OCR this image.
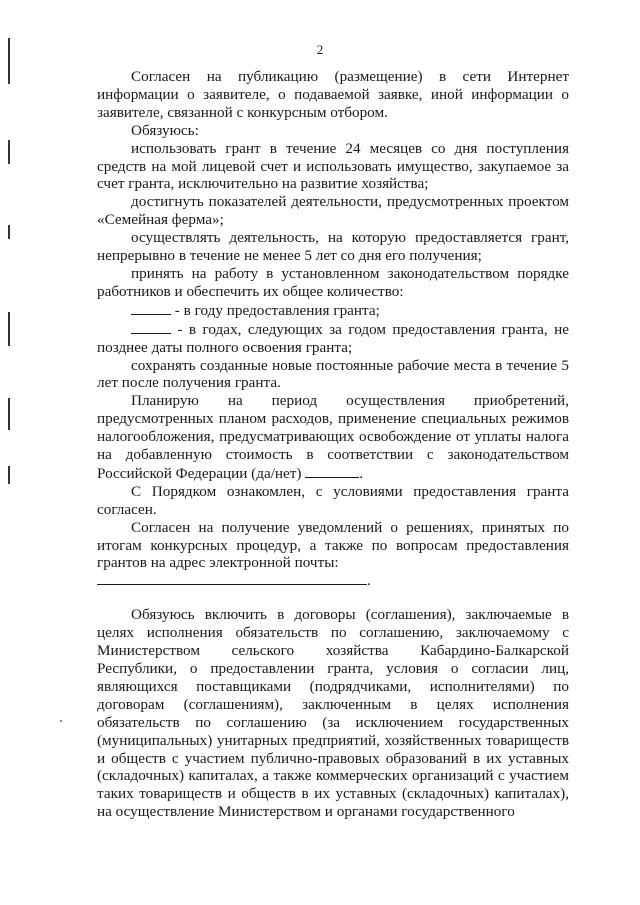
2

Согласен на публикацию (размещение) в сети Интернет информации о заявителе, о подаваемой заявке, иной информации о заявителе, связанной с конкурсным отбором.

Обязуюсь:

использовать грант в течение 24 месяцев со дня поступления средств на мой лицевой счет и использовать имущество, закупаемое за счет гранта, исключительно на развитие хозяйства;

достигнуть показателей деятельности, предусмотренных проектом «Семейная ферма»;

осуществлять деятельность, на которую предоставляется грант, непрерывно в течение не менее 5 лет со дня его получения;

принять на работу в установленном законодательством порядке работников и обеспечить их общее количество:

- в году предоставления гранта;

- в годах, следующих за годом предоставления гранта, не позднее даты полного освоения гранта;

сохранять созданные новые постоянные рабочие места в течение 5 лет после получения гранта.

Планирую на период осуществления приобретений, предусмотренных планом расходов, применение специальных режимов налогообложения, предусматривающих освобождение от уплаты налога на добавленную стоимость в соответствии с законодательством Российской Федерации (да/нет)	.

С Порядком ознакомлен, с условиями предоставления гранта согласен.

Согласен на получение уведомлений о решениях, принятых по итогам конкурсных процедур, а также по вопросам предоставления грантов на адрес электронной почты:

.

Обязуюсь включить в договоры (соглашения), заключаемые в целях исполнения обязательств по соглашению, заключаемому с Министерством сельского хозяйства Кабардино-Балкарской Республики, о предоставлении гранта, условия о согласии лиц, являющихся поставщиками (подрядчиками, исполнителями) по договорам (соглашениям), заключенным в целях исполнения обязательств по соглашению (за исключением государственных (муниципальных) унитарных предприятий, хозяйственных товариществ и обществ с участием публично-правовых образований в их уставных (складочных) капиталах, а также коммерческих организаций с участием таких товариществ и обществ в их уставных (складочных) капиталах), на осуществление Министерством и органами государственного
